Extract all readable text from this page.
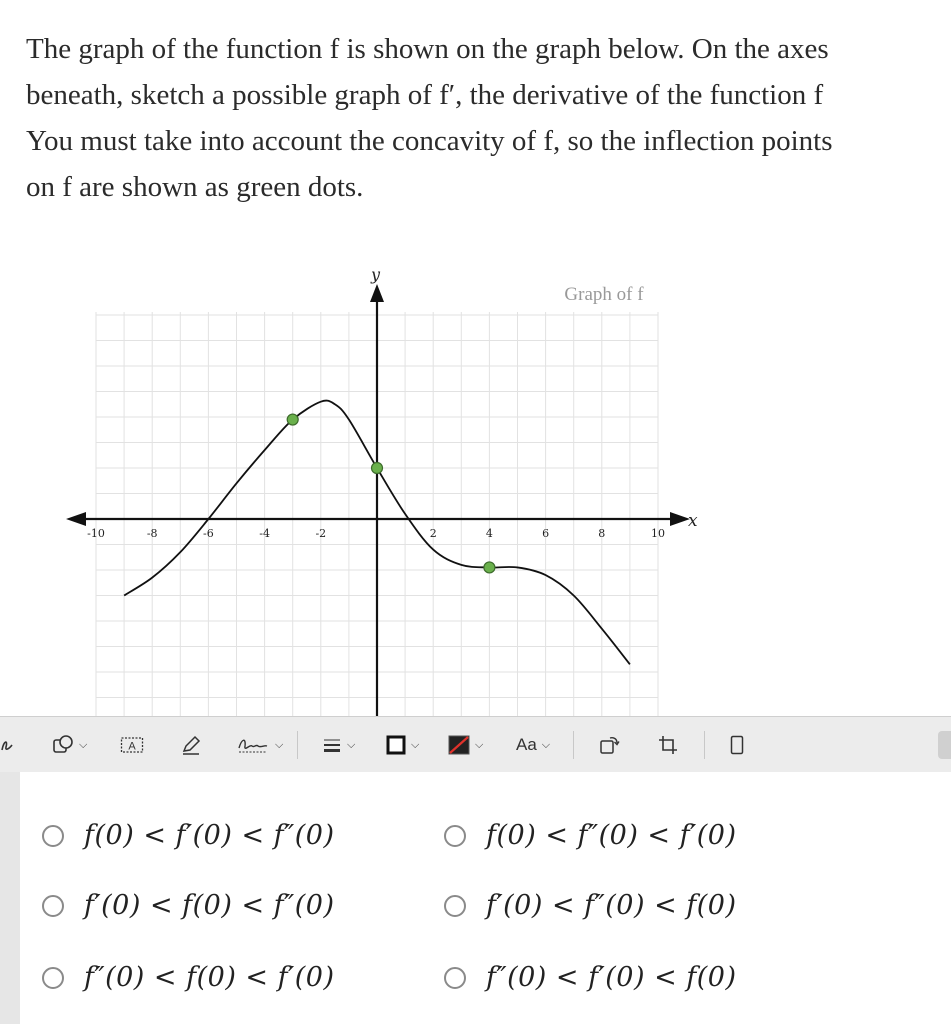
The graph of the function f is shown on the graph below. On the axes
beneath, sketch a possible graph of f′, the derivative of the function f
You must take into account the concavity of f, so the inflection points
on f are shown as green dots.
-10	-8	-6	-4	-2	2	4	6	8	10
Graph of f
x
y
⌵	A	⌵	⌵	⌵	⌵ Aa ⌵
f(0) < f′(0) < f″(0)	f(0) < f″(0) < f′(0)
f′(0) < f(0) < f″(0)	f′(0) < f″(0) < f(0)
f″(0) < f(0) < f′(0)	f″(0) < f′(0) < f(0)
